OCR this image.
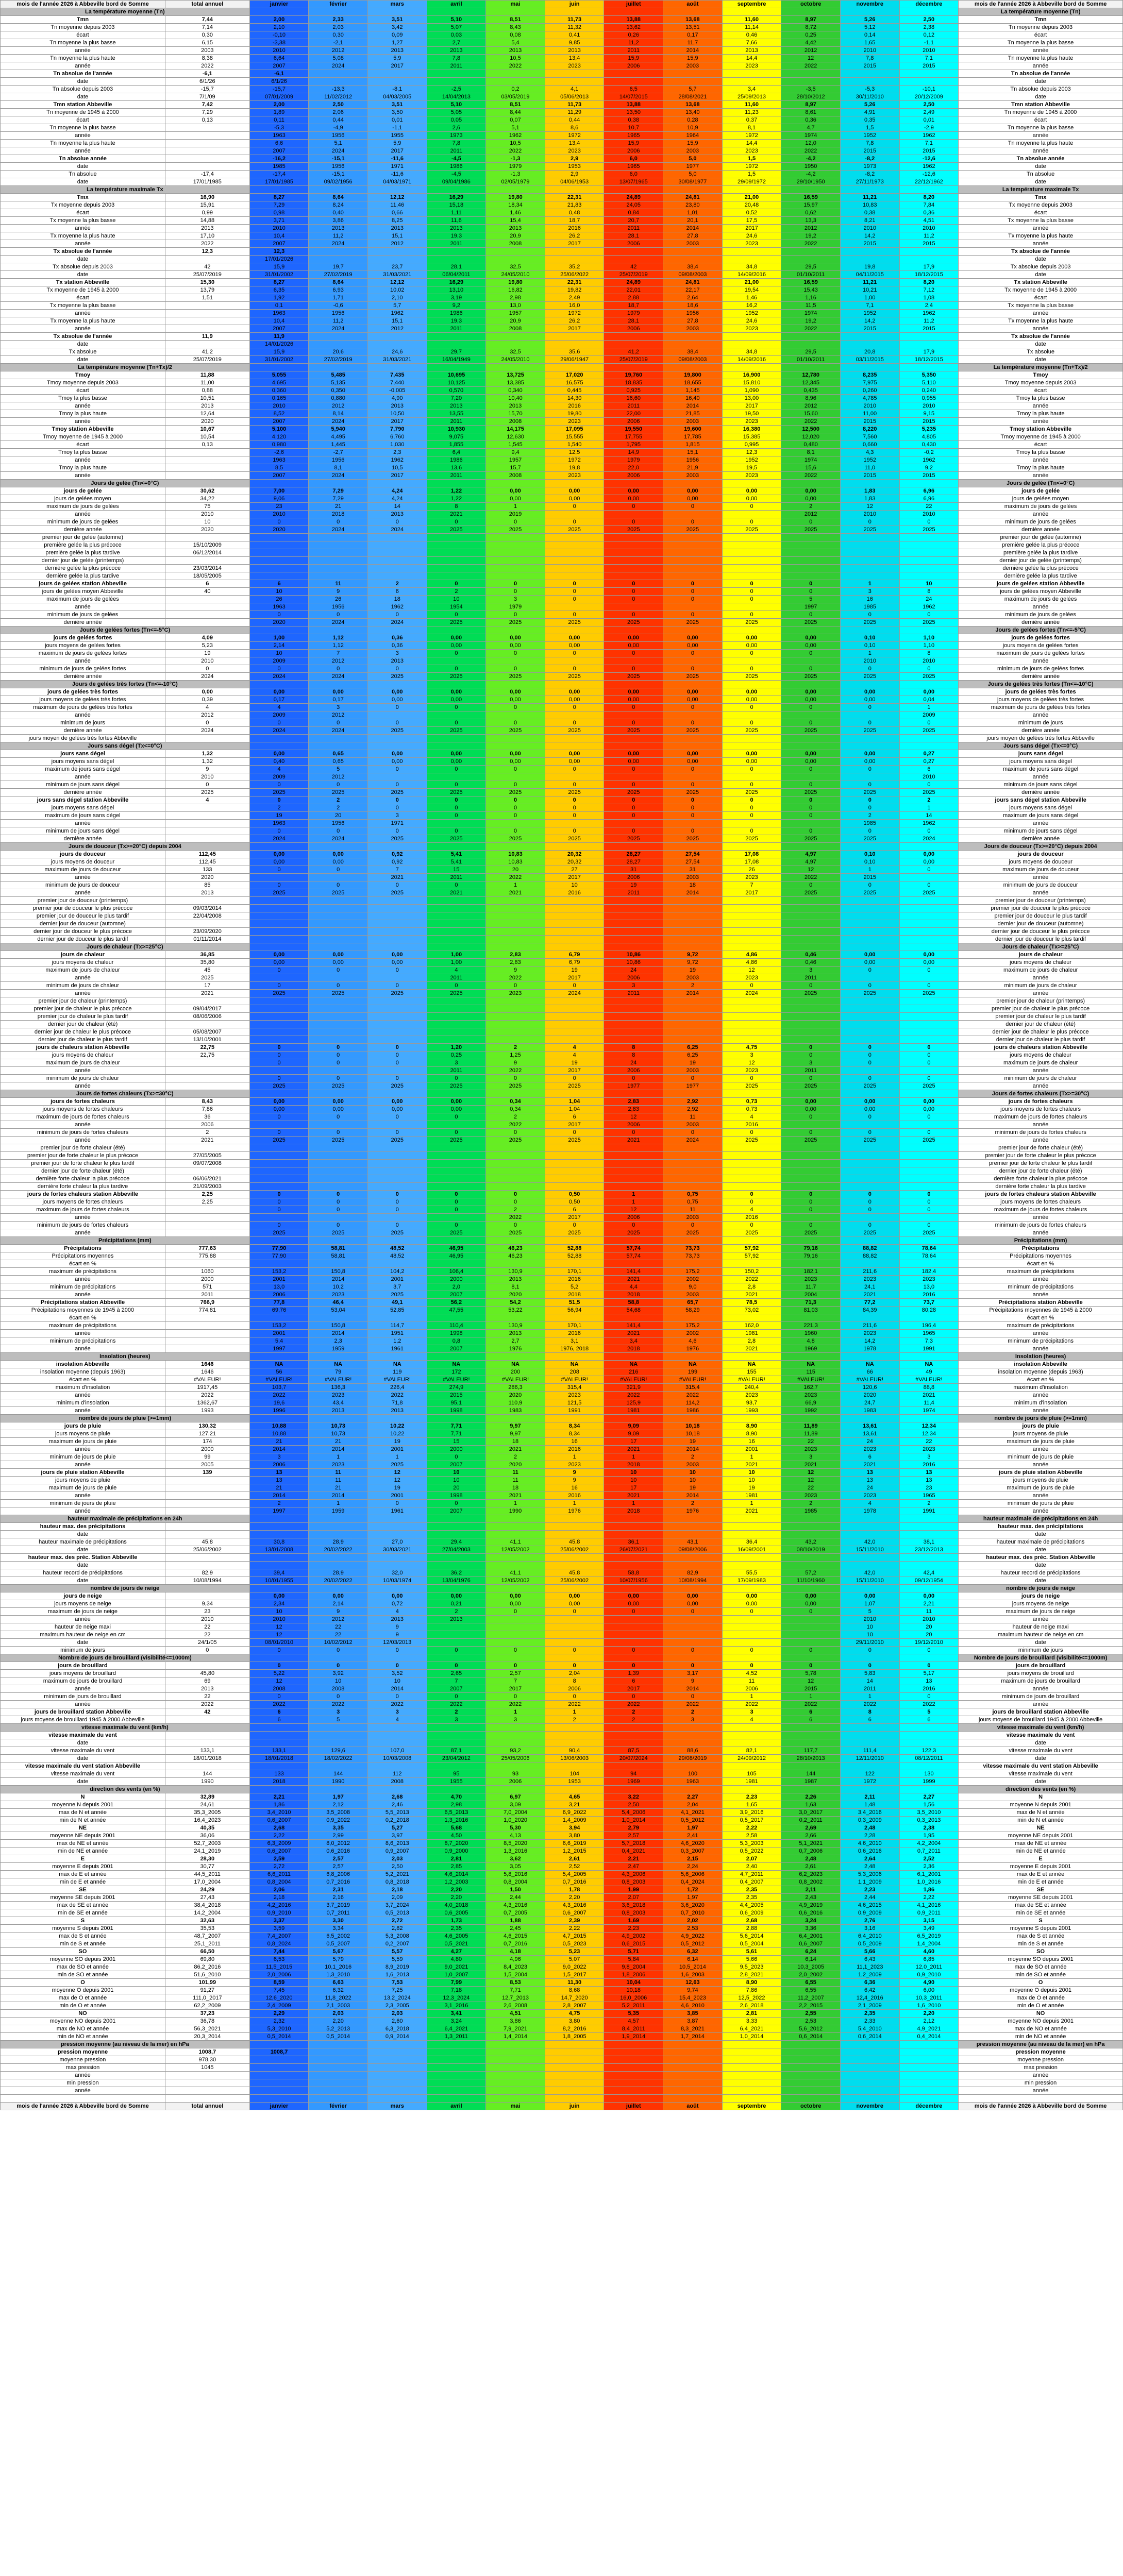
mois de l'année 2026 à Abbeville bord de Somme	total annuel	janvier	février	mars	avril	mai	juin	juillet	août	septembre	octobre	novembre	décembre	mois de l'année 2026 à Abbeville bord de Somme
La température moyenne (Tn)														La température moyenne (Tn)
Tmn	7,44	2,00	2,33	3,51	5,10	8,51	11,73	13,88	13,68	11,60	8,97	5,26	2,50	Tmn
Tn moyenne depuis 2003	7,14	2,10	2,03	3,42	5,07	8,43	11,32	13,62	13,51	11,14	8,72	5,12	2,38	Tn moyenne depuis 2003
écart	0,30	-0,10	0,30	0,09	0,03	0,08	0,41	0,26	0,17	0,46	0,25	0,14	0,12	écart
Tn moyenne la plus basse	6,15	-3,38	-2,1	1,27	2,7	5,4	9,85	11,2	11,7	7,66	4,42	1,65	-1,1	Tn moyenne la plus basse
année	2003	2010	2012	2013	2013	2013	2013	2011	2014	2013	2012	2010	2010	année
Tn moyenne la plus haute	8,38	6,64	5,08	5,9	7,8	10,5	13,4	15,9	15,9	14,4	12	7,8	7,1	Tn moyenne la plus haute
année	2022	2007	2024	2017	2011	2022	2023	2006	2003	2023	2022	2015	2015	année
Tn absolue de l'année	-6,1	-6,1												Tn absolue de l'année
date	6/1/26	6/1/26												date
Tn absolue depuis 2003	-15,7	-15,7	-13,3	-8,1	-2,5	0,2	4,1	6,5	5,7	3,4	-3,5	-5,3	-10,1	Tn absolue depuis 2003
date	7/1/09	07/01/2009	11/02/2012	04/03/2005	14/04/2013	03/05/2019	05/06/2013	14/07/2015	28/08/2021	25/09/2013	28/10/2012	30/11/2010	20/12/2009	date
Tmn station Abbeville	7,42	2,00	2,50	3,51	5,10	8,51	11,73	13,88	13,68	11,60	8,97	5,26	2,50	Tmn station Abbeville
Tn moyenne de 1945 à 2000	7,29	1,89	2,06	3,50	5,05	8,44	11,29	13,50	13,40	11,23	8,61	4,91	2,49	Tn moyenne de 1945 à 2000
écart	0,13	0,11	0,44	0,01	0,05	0,07	0,44	0,38	0,28	0,37	0,36	0,35	0,01	écart
Tn moyenne la plus basse		-5,3	-4,9	-1,1	2,6	5,1	8,6	10,7	10,9	8,1	4,7	1,5	-2,9	Tn moyenne la plus basse
année		1963	1956	1955	1973	1962	1972	1965	1964	1972	1974	1952	1962	année
Tn moyenne la plus haute		6,6	5,1	5,9	7,8	10,5	13,4	15,9	15,9	14,4	12,0	7,8	7,1	Tn moyenne la plus haute
année		2007	2024	2017	2011	2022	2023	2006	2003	2023	2022	2015	2015	année
Tn absolue année		-16,2	-15,1	-11,6	-4,5	-1,3	2,9	6,0	5,0	1,5	-4,2	-8,2	-12,6	Tn absolue année
date		1985	1956	1971	1986	1979	1953	1965	1977	1972	1950	1973	1962	date
Tn absolue	-17,4	-17,4	-15,1	-11,6	-4,5	-1,3	2,9	6,0	5,0	1,5	-4,2	-8,2	-12,6	Tn absolue
date	17/01/1985	17/01/1985	09/02/1956	04/03/1971	09/04/1986	02/05/1979	04/06/1953	13/07/1965	30/08/1977	29/09/1972	29/10/1950	27/11/1973	22/12/1962	date
La température maximale Tx														La température maximale Tx
Tmx	16,90	8,27	8,64	12,12	16,29	19,80	22,31	24,89	24,81	21,00	16,59	11,21	8,20	Tmx
Tx moyenne depuis 2003	15,91	7,29	8,24	11,46	15,18	18,34	21,83	24,05	23,80	20,48	15,97	10,83	7,84	Tx moyenne depuis 2003
écart	0,99	0,98	0,40	0,66	1,11	1,46	0,48	0,84	1,01	0,52	0,62	0,38	0,36	écart
Tx moyenne la plus basse	14,88	3,71	3,86	8,25	11,6	15,4	18,7	20,7	20,1	17,5	13,3	8,21	4,51	Tx moyenne la plus basse
année	2013	2010	2013	2013	2013	2013	2016	2011	2014	2017	2012	2010	2010	année
Tx moyenne la plus haute	17,10	10,4	11,2	15,1	19,3	20,9	26,2	28,1	27,8	24,6	19,2	14,2	11,2	Tx moyenne la plus haute
année	2022	2007	2024	2012	2011	2008	2017	2006	2003	2023	2022	2015	2015	année
Tx absolue de l'année	12,3	12,3												Tx absolue de l'année
date		17/01/2026												date
Tx absolue depuis 2003	42	15,9	19,7	23,7	28,1	32,5	35,2	42	38,4	34,8	29,5	19,8	17,9	Tx absolue depuis 2003
date	25/07/2019	31/01/2002	27/02/2019	31/03/2021	06/04/2011	24/05/2010	25/06/2022	25/07/2019	09/08/2003	14/09/2016	01/10/2011	04/11/2015	18/12/2015	date
Tx station Abbeville	15,30	8,27	8,64	12,12	16,29	19,80	22,31	24,89	24,81	21,00	16,59	11,21	8,20	Tx station Abbeville
Tx moyenne de 1945 à 2000	13,79	6,35	6,93	10,02	13,10	16,82	19,82	22,01	22,17	19,54	15,43	10,21	7,12	Tx moyenne de 1945 à 2000
écart	1,51	1,92	1,71	2,10	3,19	2,98	2,49	2,88	2,64	1,46	1,16	1,00	1,08	écart
Tx moyenne la plus basse		0,1	-0,6	5,7	9,2	13,0	16,0	18,7	18,6	16,2	11,5	7,1	2,4	Tx moyenne la plus basse
année		1963	1956	1962	1986	1957	1972	1979	1956	1952	1974	1952	1962	année
Tx moyenne la plus haute		10,4	11,2	15,1	19,3	20,9	26,2	28,1	27,8	24,6	19,2	14,2	11,2	Tx moyenne la plus haute
année		2007	2024	2012	2011	2008	2017	2006	2003	2023	2022	2015	2015	année
Tx absolue de l'année	11,9	11,9												Tx absolue de l'année
date		14/01/2026												date
Tx absolue	41,2	15,9	20,6	24,6	29,7	32,5	35,6	41,2	38,4	34,8	29,5	20,8	17,9	Tx absolue
date	25/07/2019	31/01/2002	27/02/2019	31/03/2021	16/04/1949	24/05/2010	29/06/1947	25/07/2019	09/08/2003	14/09/2016	01/10/2011	03/11/2015	18/12/2015	date
La température moyenne (Tn+Tx)/2														La température moyenne (Tn+Tx)/2
Tmoy	11,88	5,055	5,485	7,435	10,695	13,725	17,020	19,760	19,800	16,900	12,780	8,235	5,350	Tmoy
Tmoy moyenne depuis 2003	11,00	4,695	5,135	7,440	10,125	13,385	16,575	18,835	18,655	15,810	12,345	7,975	5,110	Tmoy moyenne depuis 2003
écart	0,88	0,360	0,350	-0,005	0,570	0,340	0,445	0,925	1,145	1,090	0,435	0,260	0,240	écart
Tmoy la plus basse	10,51	0,165	0,880	4,90	7,20	10,40	14,30	16,60	16,40	13,00	8,96	4,785	0,955	Tmoy la plus basse
année	2013	2010	2012	2013	2013	2013	2016	2011	2014	2017	2012	2010	2010	année
Tmoy la plus haute	12,64	8,52	8,14	10,50	13,55	15,70	19,80	22,00	21,85	19,50	15,60	11,00	9,15	Tmoy la plus haute
année	2020	2007	2024	2017	2011	2008	2023	2006	2003	2023	2022	2015	2015	année
Tmoy station Abbeville	10,67	5,100	5,940	7,790	10,930	14,175	17,095	19,550	19,600	16,380	12,500	8,220	5,235	Tmoy station Abbeville
Tmoy moyenne de 1945 à 2000	10,54	4,120	4,495	6,760	9,075	12,630	15,555	17,755	17,785	15,385	12,020	7,560	4,805	Tmoy moyenne de 1945 à 2000
écart	0,13	0,980	1,445	1,030	1,855	1,545	1,540	1,795	1,815	0,995	0,480	0,660	0,430	écart
Tmoy la plus basse		-2,6	-2,7	2,3	6,4	9,4	12,5	14,9	15,1	12,3	8,1	4,3	-0,2	Tmoy la plus basse
année		1963	1956	1962	1986	1957	1972	1979	1956	1952	1974	1952	1962	année
Tmoy la plus haute		8,5	8,1	10,5	13,6	15,7	19,8	22,0	21,9	19,5	15,6	11,0	9,2	Tmoy la plus haute
année		2007	2024	2017	2011	2008	2023	2006	2003	2023	2022	2015	2015	année
Jours de gelée (Tn<=0°C)														Jours de gelée (Tn<=0°C)
jours de gelée	30,62	7,00	7,29	4,24	1,22	0,00	0,00	0,00	0,00	0,00	0,00	1,83	6,96	jours de gelée
jours de gelées moyen	34,22	9,06	7,29	4,24	1,22	0,00	0,00	0,00	0,00	0,00	0,00	1,83	6,96	jours de gelées moyen
maximum de jours de gelées	75	23	21	14	8	1	0	0	0	0	2	12	22	maximum de jours de gelées
année	2010	2010	2018	2013	2021	2019					2012	2010	2010	année
minimum de jours de gelées	10	0	0	0	0	0	0	0	0	0	0	0	0	minimum de jours de gelées
dernière année	2020	2020	2024	2024	2025	2025	2025	2025	2025	2025	2025	2025	2025	dernière année
premier jour de gelée (automne)														premier jour de gelée (automne)
première gelée la plus précoce	15/10/2009													première gelée la plus précoce
première gelée la plus tardive	06/12/2014													première gelée la plus tardive
dernier jour de gelée (printemps)														dernier jour de gelée (printemps)
dernière gelée la plus précoce	23/03/2014													dernière gelée la plus précoce
dernière gelée la plus tardive	18/05/2005													dernière gelée la plus tardive
jours de gelées station Abbeville	6	6	11	2	0	0	0	0	0	0	0	1	10	jours de gelées station Abbeville
jours de gelées moyen Abbeville	40	10	9	6	2	0	0	0	0	0	0	3	8	jours de gelées moyen Abbeville
maximum de jours de gelées		26	26	18	10	3	0	0	0	0	5	16	24	maximum de jours de gelées
année		1963	1956	1962	1954	1979					1997	1985	1962	année
minimum de jours de gelées		0	0	0	0	0	0	0	0	0	0	0	0	minimum de jours de gelées
dernière année		2020	2024	2024	2025	2025	2025	2025	2025	2025	2025	2025	2025	dernière année
Jours de gelées fortes (Tn<=-5°C)														Jours de gelées fortes (Tn<=-5°C)
jours de gelées fortes	4,09	1,00	1,12	0,36	0,00	0,00	0,00	0,00	0,00	0,00	0,00	0,10	1,10	jours de gelées fortes
jours moyens de gelées fortes	5,23	2,14	1,12	0,36	0,00	0,00	0,00	0,00	0,00	0,00	0,00	0,10	1,10	jours moyens de gelées fortes
maximum de jours de gelées fortes	19	10	7	3	0	0	0	0	0	0	0	1	8	maximum de jours de gelées fortes
année	2010	2009	2012	2013								2010	2010	année
minimum de jours de gelées fortes	0	0	0	0	0	0	0	0	0	0	0	0	0	minimum de jours de gelées fortes
dernière année	2024	2024	2024	2025	2025	2025	2025	2025	2025	2025	2025	2025	2025	dernière année
Jours de gelées très fortes (Tn<=-10°C)														Jours de gelées très fortes (Tn<=-10°C)
jours de gelées très fortes	0,00	0,00	0,00	0,00	0,00	0,00	0,00	0,00	0,00	0,00	0,00	0,00	0,00	jours de gelées très fortes
jours moyens de gelées très fortes	0,39	0,17	0,17	0,00	0,00	0,00	0,00	0,00	0,00	0,00	0,00	0,00	0,04	jours moyens de gelées très fortes
maximum de jours de gelées très fortes	4	4	3	0	0	0	0	0	0	0	0	0	1	maximum de jours de gelées très fortes
année	2012	2009	2012										2009	année
minimum de jours	0	0	0	0	0	0	0	0	0	0	0	0	0	minimum de jours
dernière année	2024	2024	2024	2025	2025	2025	2025	2025	2025	2025	2025	2025	2025	dernière année
jours moyen de gelées très fortes Abbeville														jours moyen de gelées très fortes Abbeville
Jours sans dégel (Tx<=0°C)														Jours sans dégel (Tx<=0°C)
jours sans dégel	1,32	0,00	0,65	0,00	0,00	0,00	0,00	0,00	0,00	0,00	0,00	0,00	0,27	jours sans dégel
jours moyens sans dégel	1,32	0,40	0,65	0,00	0,00	0,00	0,00	0,00	0,00	0,00	0,00	0,00	0,27	jours moyens sans dégel
maximum de jours sans dégel	9	4	5	0	0	0	0	0	0	0	0	0	6	maximum de jours sans dégel
année	2010	2009	2012										2010	année
minimum de jours sans dégel	0	0	0	0	0	0	0	0	0	0	0	0	0	minimum de jours sans dégel
dernière année	2025	2025	2025	2025	2025	2025	2025	2025	2025	2025	2025	2025	2025	dernière année
jours sans dégel station Abbeville	4	0	2	0	0	0	0	0	0	0	0	0	2	jours sans dégel station Abbeville
jours moyens sans dégel		2	2	0	0	0	0	0	0	0	0	0	1	jours moyens sans dégel
maximum de jours sans dégel		19	20	3	0	0	0	0	0	0	0	2	14	maximum de jours sans dégel
année		1963	1956	1971								1985	1962	année
minimum de jours sans dégel		0	0	0	0	0	0	0	0	0	0	0	0	minimum de jours sans dégel
dernière année		2024	2024	2025	2025	2025	2025	2025	2025	2025	2025	2025	2024	dernière année
Jours de douceur (Tx>=20°C) depuis 2004														Jours de douceur (Tx>=20°C) depuis 2004
jours de douceur	112,45	0,00	0,00	0,92	5,41	10,83	20,32	28,27	27,54	17,08	4,97	0,10	0,00	jours de douceur
jours moyens de douceur	112,45	0,00	0,00	0,92	5,41	10,83	20,32	28,27	27,54	17,08	4,97	0,10	0,00	jours moyens de douceur
maximum de jours de douceur	133	0	0	7	15	20	27	31	31	26	12	1	0	maximum de jours de douceur
année	2020			2021	2011	2022	2017	2006	2003	2023	2022	2015		année
minimum de jours de douceur	85	0	0	0	0	1	10	19	18	7	0	0	0	minimum de jours de douceur
année	2013	2025	2025	2025	2021	2021	2016	2011	2014	2017	2025	2025	2025	année
premier jour de douceur (printemps)														premier jour de douceur (printemps)
premier jour de douceur le plus précoce	09/03/2014													premier jour de douceur le plus précoce
premier jour de douceur le plus tardif	22/04/2008													premier jour de douceur le plus tardif
dernier jour de douceur (automne)														dernier jour de douceur (automne)
dernier jour de douceur le plus précoce	23/09/2020													dernier jour de douceur le plus précoce
dernier jour de douceur le plus tardif	01/11/2014													dernier jour de douceur le plus tardif
Jours de chaleur (Tx>=25°C)														Jours de chaleur (Tx>=25°C)
jours de chaleur	36,85	0,00	0,00	0,00	1,00	2,83	6,79	10,86	9,72	4,86	0,46	0,00	0,00	jours de chaleur
jours moyens de chaleur	35,80	0,00	0,00	0,00	1,00	2,83	6,79	10,86	9,72	4,86	0,46	0,00	0,00	jours moyens de chaleur
maximum de jours de chaleur	45	0	0	0	4	9	19	24	19	12	3	0	0	maximum de jours de chaleur
année	2025				2011	2022	2017	2006	2003	2023	2011			année
minimum de jours de chaleur	17	0	0	0	0	0	0	3	2	0	0	0	0	minimum de jours de chaleur
année	2021	2025	2025	2025	2025	2023	2024	2011	2014	2024	2025	2025	2025	année
premier jour de chaleur (printemps)														premier jour de chaleur (printemps)
premier jour de chaleur le plus précoce	09/04/2017													premier jour de chaleur le plus précoce
premier jour de chaleur le plus tardif	08/06/2006													premier jour de chaleur le plus tardif
dernier jour de chaleur (été)														dernier jour de chaleur (été)
dernier jour de chaleur le plus précoce	05/08/2007													dernier jour de chaleur le plus précoce
dernier jour de chaleur le plus tardif	13/10/2001													dernier jour de chaleur le plus tardif
jours de chaleurs station Abbeville	22,75	0	0	0	1,20	2	4	8	6,25	4,75	0	0	0	jours de chaleurs station Abbeville
jours moyens de chaleur	22,75	0	0	0	0,25	1,25	4	8	6,25	3	0	0	0	jours moyens de chaleur
maximum de jours de chaleur		0	0	0	3	9	19	24	19	12	3	0	0	maximum de jours de chaleur
année					2011	2022	2017	2006	2003	2023	2011			année
minimum de jours de chaleur		0	0	0	0	0	0	0	0	0	0	0	0	minimum de jours de chaleur
année		2025	2025	2025	2025	2025	2025	1977	1977	2025	2025	2025	2025	année
Jours de fortes chaleurs (Tx>=30°C)														Jours de fortes chaleurs (Tx>=30°C)
jours de fortes chaleurs	8,43	0,00	0,00	0,00	0,00	0,34	1,04	2,83	2,92	0,73	0,00	0,00	0,00	jours de fortes chaleurs
jours moyens de fortes chaleurs	7,86	0,00	0,00	0,00	0,00	0,34	1,04	2,83	2,92	0,73	0,00	0,00	0,00	jours moyens de fortes chaleurs
maximum de jours de fortes chaleurs	36	0	0	0	0	2	6	12	11	4	0	0	0	maximum de jours de fortes chaleurs
année	2006					2022	2017	2006	2003	2016				année
minimum de jours de fortes chaleurs	2	0	0	0	0	0	0	0	0	0	0	0	0	minimum de jours de fortes chaleurs
année	2021	2025	2025	2025	2025	2025	2025	2021	2024	2025	2025	2025	2025	année
premier jour de forte chaleur (été)														premier jour de forte chaleur (été)
premier jour de forte chaleur le plus précoce	27/05/2005													premier jour de forte chaleur le plus précoce
premier jour de forte chaleur le plus tardif	09/07/2008													premier jour de forte chaleur le plus tardif
dernier jour de forte chaleur (été)														dernier jour de forte chaleur (été)
dernière forte chaleur la plus précoce	06/06/2021													dernière forte chaleur la plus précoce
dernière forte chaleur la plus tardive	21/09/2003													dernière forte chaleur la plus tardive
jours de fortes chaleurs station Abbeville	2,25	0	0	0	0	0	0,50	1	0,75	0	0	0	0	jours de fortes chaleurs station Abbeville
jours moyens de fortes chaleurs	2,25	0	0	0	0	0	0,50	1	0,75	0	0	0	0	jours moyens de fortes chaleurs
maximum de jours de fortes chaleurs		0	0	0	0	2	6	12	11	4	0	0	0	maximum de jours de fortes chaleurs
année						2022	2017	2006	2003	2016				année
minimum de jours de fortes chaleurs		0	0	0	0	0	0	0	0	0	0	0	0	minimum de jours de fortes chaleurs
année		2025	2025	2025	2025	2025	2025	2025	2025	2025	2025	2025	2025	année
Précipitations (mm)														Précipitations (mm)
Précipitations	777,63	77,90	58,81	48,52	46,95	46,23	52,88	57,74	73,73	57,92	79,16	88,82	78,64	Précipitations
Précipitations moyennes	775,88	77,90	58,81	48,52	46,95	46,23	52,88	57,74	73,73	57,92	79,16	88,82	78,64	Précipitations moyennes
écart en %														écart en %
maximum de précipitations	1060	153,2	150,8	104,2	106,4	130,9	170,1	141,4	175,2	150,2	182,1	211,6	182,4	maximum de précipitations
année	2000	2001	2014	2001	2000	2013	2016	2021	2002	2022	2023	2023	2023	année
minimum de précipitations	571	13,0	10,2	3,7	2,0	8,1	5,2	4,4	9,0	2,8	11,7	24,1	13,0	minimum de précipitations
année	2011	2006	2023	2025	2007	2020	2018	2018	2003	2021	2004	2021	2016	année
Précipitations station Abbeville	766,9	77,8	46,4	49,1	56,2	54,2	51,5	58,8	65,7	78,5	71,3	77,2	73,7	Précipitations station Abbeville
Précipitations moyennes de 1945 à 2000	774,81	69,76	53,04	52,85	47,55	53,22	56,94	54,68	58,29	73,02	81,03	84,39	80,28	Précipitations moyennes de 1945 à 2000
écart en %														écart en %
maximum de précipitations		153,2	150,8	114,7	110,4	130,9	170,1	141,4	175,2	162,0	221,3	211,6	196,4	maximum de précipitations
année		2001	2014	1951	1998	2013	2016	2021	2002	1981	1960	2023	1965	année
minimum de précipitations		5,4	2,3	1,2	0,8	2,7	3,1	3,4	4,6	2,8	4,8	14,2	7,3	minimum de précipitations
année		1997	1959	1961	2007	1976	1976, 2018	2018	1976	2021	1969	1978	1991	année
Insolation (heures)														Insolation (heures)
insolation Abbeville	1646	NA	NA	NA	NA	NA	NA	NA	NA	NA	NA	NA	NA	insolation Abbeville
insolation moyenne (depuis 1963)	1646	56	79	119	172	200	208	216	199	155	115	66	49	insolation moyenne (depuis 1963)
écart en %	#VALEUR!	#VALEUR!	#VALEUR!	#VALEUR!	#VALEUR!	#VALEUR!	#VALEUR!	#VALEUR!	#VALEUR!	#VALEUR!	#VALEUR!	#VALEUR!	#VALEUR!	écart en %
maximum d'insolation	1917,45	103,7	136,3	226,4	274,9	286,3	315,4	321,9	315,4	240,4	162,7	120,6	88,8	maximum d'insolation
année	2022	2022	2023	2022	2015	2020	2023	2022	2022	2023	2023	2020	2021	année
minimum d'insolation	1362,67	19,6	43,4	71,8	95,1	110,9	121,5	125,9	114,2	93,7	66,9	24,7	11,4	minimum d'insolation
année	1993	1996	2013	2013	1998	1983	1991	1981	1986	1993	1992	1983	1974	année
nombre de jours de pluie (>=1mm)														nombre de jours de pluie (>=1mm)
jours de pluie	130,32	10,88	10,73	10,22	7,71	9,97	8,34	9,09	10,18	8,90	11,89	13,61	12,34	jours de pluie
jours moyens de pluie	127,21	10,88	10,73	10,22	7,71	9,97	8,34	9,09	10,18	8,90	11,89	13,61	12,34	jours moyens de pluie
maximum de jours de pluie	174	21	21	19	15	18	16	17	19	16	22	24	22	maximum de jours de pluie
année	2000	2014	2014	2001	2000	2021	2016	2021	2014	2001	2023	2023	2023	année
minimum de jours de pluie	99	3	1	1	0	2	1	1	2	1	3	6	3	minimum de jours de pluie
année	2005	2006	2023	2025	2007	2020	2023	2018	2003	2021	2021	2021	2016	année
jours de pluie station Abbeville	139	13	11	12	10	11	9	10	10	10	12	13	13	jours de pluie station Abbeville
jours moyens de pluie		13	11	12	10	11	9	10	10	10	12	13	13	jours moyens de pluie
maximum de jours de pluie		21	21	19	20	18	16	17	19	19	22	24	23	maximum de jours de pluie
année		2014	2014	2001	1998	2021	2016	2021	2014	1981	2023	2023	1965	année
minimum de jours de pluie		2	1	0	0	1	1	1	2	1	2	4	2	minimum de jours de pluie
année		1997	1959	1961	2007	1990	1976	2018	1976	2021	1985	1978	1991	année
hauteur maximale de précipitations en 24h														hauteur maximale de précipitations en 24h
hauteur max. des précipitations														hauteur max. des précipitations
date														date
hauteur maximale de précipitations	45,8	30,8	28,9	27,0	29,4	41,1	45,8	36,1	43,1	36,4	43,2	42,0	38,1	hauteur maximale de précipitations
date	25/06/2002	13/01/2008	20/02/2022	30/03/2021	27/04/2003	12/05/2002	25/06/2002	26/07/2021	09/08/2006	16/09/2001	08/10/2019	15/11/2010	23/12/2013	date
hauteur max. des préc. Station Abbeville														hauteur max. des préc. Station Abbeville
date														date
hauteur record de précipitations	82,9	39,4	28,9	32,0	36,2	41,1	45,8	58,8	82,9	55,5	57,2	42,0	42,4	hauteur record de précipitations
date	10/08/1994	10/01/1955	20/02/2022	10/03/1974	13/04/1976	12/05/2002	25/06/2002	10/07/1956	10/08/1994	17/09/1983	11/10/1960	15/11/2010	09/12/1954	date
nombre de jours de neige														nombre de jours de neige
jours de neige		0,00	0,00	0,00	0,00	0,00	0,00	0,00	0,00	0,00	0,00	0,00	0,00	jours de neige
jours moyens de neige	9,34	2,34	2,14	0,72	0,21	0,00	0,00	0,00	0,00	0,00	0,00	1,07	2,21	jours moyens de neige
maximum de jours de neige	23	10	9	4	2	0	0	0	0	0	0	5	11	maximum de jours de neige
année	2010	2010	2012	2013	2013							2010	2010	année
hauteur de neige maxi	22	12	22	9								10	20	hauteur de neige maxi
maximum hauteur de neige en cm	22	12	22	9								10	20	maximum hauteur de neige en cm
date	24/1/05	08/01/2010	10/02/2012	12/03/2013								29/11/2010	19/12/2010	date
minimum de jours	0	0	0	0	0	0	0	0	0	0	0	0	0	minimum de jours
Nombre de jours de brouillard (visibilité<=1000m)														Nombre de jours de brouillard (visibilité<=1000m)
jours de brouillard		0	0	0	0	0	0	0	0	0	0	0	0	jours de brouillard
jours moyens de brouillard	45,80	5,22	3,92	3,52	2,65	2,57	2,04	1,39	3,17	4,52	5,78	5,83	5,17	jours moyens de brouillard
maximum de jours de brouillard	69	12	10	10	7	7	8	6	9	11	12	14	13	maximum de jours de brouillard
année	2013	2008	2008	2014	2007	2017	2006	2017	2014	2006	2015	2011	2016	année
minimum de jours de brouillard	22	0	0	0	0	0	0	0	0	1	1	1	0	minimum de jours de brouillard
année	2022	2022	2022	2022	2022	2022	2022	2022	2022	2022	2022	2022	2022	année
jours de brouillard station Abbeville	42	6	3	3	2	1	1	2	2	3	6	8	5	jours de brouillard station Abbeville
jours moyens de brouillard 1945 à 2000 Abbeville		6	5	4	3	3	2	2	3	4	6	6	6	jours moyens de brouillard 1945 à 2000 Abbeville
vitesse maximale du vent (km/h)														vitesse maximale du vent (km/h)
vitesse maximale du vent														vitesse maximale du vent
date														date
vitesse maximale du vent	133,1	133,1	129,6	107,0	87,1	93,2	90,4	87,5	88,6	82,1	117,7	111,4	122,3	vitesse maximale du vent
date	18/01/2018	18/01/2018	18/02/2022	10/03/2008	23/04/2012	25/05/2006	13/06/2003	20/07/2024	29/08/2019	24/09/2012	28/10/2013	12/11/2010	08/12/2011	date
vitesse maximale du vent station Abbeville														vitesse maximale du vent station Abbeville
vitesse maximale du vent	144	133	144	112	95	93	104	94	100	105	144	122	130	vitesse maximale du vent
date	1990	2018	1990	2008	1955	2006	1953	1969	1963	1981	1987	1972	1999	date
direction des vents (en %)														direction des vents (en %)
N	32,89	2,21	1,97	2,68	4,70	6,97	4,65	3,22	2,27	2,23	2,26	2,11	2,27	N
moyenne N depuis 2001	24,61	1,86	2,12	2,46	2,98	3,09	3,21	2,50	2,04	1,65	1,63	1,48	1,56	moyenne N depuis 2001
max de N et année	35,3_2005	3,4_2010	3,5_2008	5,5_2013	6,5_2013	7,0_2004	6,9_2022	5,4_2006	4,1_2021	3,9_2016	3,0_2017	3,4_2016	3,5_2010	max de N et année
min de N et année	16,4_2023	0,6_2007	0,9_2022	0,2_2018	1,3_2016	1,0_2020	1,4_2009	1,0_2014	0,5_2012	0,5_2017	0,2_2011	0,3_2009	0,3_2013	min de N et année
NE	40,35	2,68	3,35	5,27	5,68	5,30	3,94	2,79	1,97	2,22	2,69	2,48	2,38	NE
moyenne NE depuis 2001	36,06	2,22	2,99	3,97	4,50	4,13	3,80	2,57	2,41	2,58	2,66	2,28	1,95	moyenne NE depuis 2001
max de NE et année	52,7_2003	6,3_2009	8,0_2012	8,6_2013	8,7_2020	8,5_2020	6,6_2019	5,7_2018	4,6_2020	5,3_2003	5,1_2021	4,6_2010	4,2_2004	max de NE et année
min de NE et année	24,1_2019	0,6_2007	0,6_2016	0,9_2007	0,9_2000	1,3_2016	1,2_2015	0,4_2021	0,3_2007	0,5_2022	0,7_2006	0,6_2016	0,7_2011	min de NE et année
E	28,30	2,59	2,57	2,03	2,81	3,62	2,61	2,21	2,15	2,07	2,48	2,64	2,52	E
moyenne E depuis 2001	30,77	2,72	2,57	2,50	2,85	3,05	2,52	2,47	2,24	2,40	2,61	2,48	2,36	moyenne E depuis 2001
max de E et année	44,5_2011	6,6_2011	6,8_2006	5,2_2021	4,6_2014	5,8_2016	5,4_2005	4,3_2006	5,6_2006	4,7_2011	6,2_2023	5,3_2006	6,1_2001	max de E et année
min de E et année	17,0_2004	0,8_2004	0,7_2016	0,8_2018	1,2_2003	0,8_2004	0,7_2016	0,8_2003	0,4_2024	0,4_2007	0,8_2002	1,1_2009	1,0_2016	min de E et année
SE	24,29	2,06	2,31	2,18	2,20	1,50	1,78	1,99	1,72	2,35	2,11	2,23	1,86	SE
moyenne SE depuis 2001	27,43	2,18	2,16	2,09	2,20	2,44	2,20	2,07	1,97	2,35	2,43	2,44	2,22	moyenne SE depuis 2001
max de SE et année	38,4_2018	4,2_2016	3,7_2019	3,7_2024	4,0_2018	4,3_2016	4,3_2016	3,6_2018	3,6_2020	4,4_2005	4,9_2019	4,6_2015	4,1_2016	max de SE et année
min de SE et année	14,2_2004	0,9_2010	0,7_2011	0,5_2013	0,6_2005	0,7_2005	0,6_2007	0,8_2003	0,7_2010	0,6_2009	0,6_2016	0,9_2009	0,9_2011	min de SE et année
S	32,63	3,37	3,30	2,72	1,73	1,88	2,39	1,69	2,02	2,68	3,24	2,76	3,15	S
moyenne S depuis 2001	35,53	3,59	3,34	2,82	2,35	2,45	2,22	2,23	2,53	2,88	3,36	3,16	3,49	moyenne S depuis 2001
max de S et année	48,7_2007	7,4_2007	6,5_2002	5,3_2008	4,6_2005	4,6_2015	4,7_2015	4,9_2002	4,9_2022	5,6_2014	6,4_2001	6,4_2010	6,5_2019	max de S et année
min de S et année	25,1_2011	0,8_2024	0,5_2007	0,2_2007	0,5_2021	0,7_2016	0,5_2023	0,6_2015	0,5_2012	0,5_2004	0,6_2007	0,5_2009	1,4_2004	min de S et année
SO	66,50	7,44	5,67	5,57	4,27	4,18	5,23	5,71	6,32	5,61	6,24	5,66	4,60	SO
moyenne SO depuis 2001	69,80	6,53	5,79	5,59	4,80	4,96	5,07	5,84	6,14	5,66	6,14	6,43	6,85	moyenne SO depuis 2001
max de SO et année	86,2_2016	11,5_2015	10,1_2016	8,9_2019	9,0_2021	8,4_2023	9,0_2022	9,8_2004	10,5_2014	9,5_2023	10,3_2005	11,1_2023	12,0_2011	max de SO et année
min de SO et année	51,6_2010	2,0_2006	1,3_2010	1,6_2013	1,0_2007	1,5_2004	1,5_2017	1,8_2006	1,6_2003	2,8_2021	2,0_2002	1,2_2009	0,9_2010	min de SO et année
O	101,99	8,59	6,63	7,53	7,99	8,53	11,30	10,04	12,63	8,90	6,55	6,36	4,90	O
moyenne O depuis 2001	91,27	7,45	6,32	7,25	7,18	7,71	8,68	10,18	9,74	7,86	6,55	6,42	6,00	moyenne O depuis 2001
max de O et année	111,0_2017	12,6_2020	11,8_2022	13,2_2024	12,3_2024	12,7_2013	14,7_2020	16,0_2006	15,4_2023	12,5_2022	11,2_2007	12,4_2016	10,3_2011	max de O et année
min de O et année	62,2_2009	2,4_2009	2,1_2003	2,3_2005	3,1_2016	2,6_2008	2,8_2007	5,2_2011	4,6_2010	2,6_2018	2,2_2015	2,1_2009	1,6_2010	min de O et année
NO	37,23	2,29	2,03	2,03	3,41	4,51	4,75	5,35	3,85	2,81	2,55	2,35	2,20	NO
moyenne NO depuis 2001	36,78	2,32	2,20	2,60	3,24	3,86	3,80	4,57	3,87	3,33	2,53	2,33	2,12	moyenne NO depuis 2001
max de NO et année	56,3_2021	5,3_2010	5,2_2013	6,3_2018	6,4_2021	7,9_2021	8,2_2016	8,4_2011	8,3_2021	6,4_2021	5,6_2012	5,4_2010	4,9_2021	max de NO et année
min de NO et année	20,3_2014	0,5_2014	0,5_2014	0,9_2014	1,3_2011	1,4_2014	1,8_2005	1,9_2014	1,7_2014	1,0_2014	0,6_2014	0,6_2014	0,4_2014	min de NO et année
pression moyenne (au niveau de la mer) en hPa														pression moyenne (au niveau de la mer) en hPa
pression moyenne	1008,7	1008,7												pression moyenne
moyenne pression	978,30													moyenne pression
max pression	1045													max pression
année														année
min pression														min pression
année														année

mois de l'année 2026 à Abbeville bord de Somme	total annuel	janvier	février	mars	avril	mai	juin	juillet	août	septembre	octobre	novembre	décembre	mois de l'année 2026 à Abbeville bord de Somme
